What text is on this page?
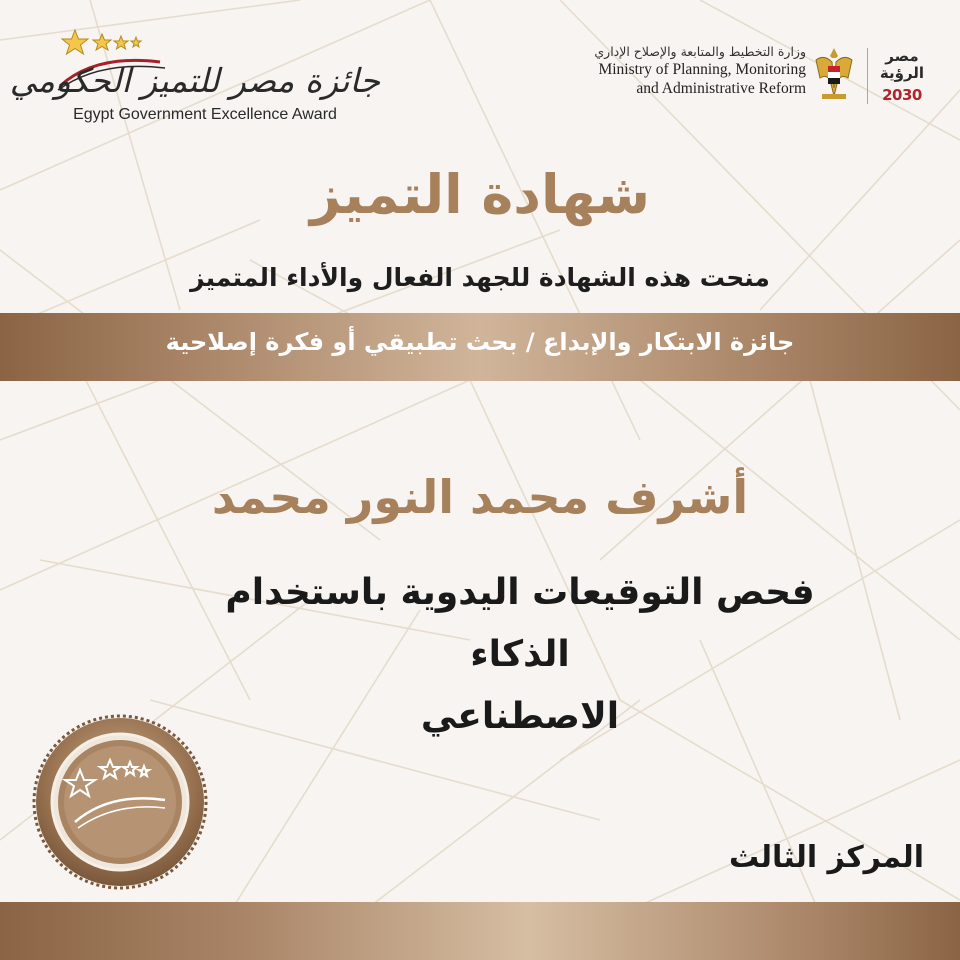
جائزة مصر للتميز الحكومي
Egypt Government Excellence Award
وزارة التخطيط والمتابعة والإصلاح الإداري
Ministry of Planning, Monitoring
and Administrative Reform
مصر الرؤية
2030
شهادة التميز
منحت هذه الشهادة للجهد الفعال والأداء المتميز
جائزة الابتكار والإبداع / بحث تطبيقي أو فكرة إصلاحية
أشرف محمد النور محمد
فحص التوقيعات اليدوية باستخدام الذكاء
الاصطناعي
المركز الثالث
